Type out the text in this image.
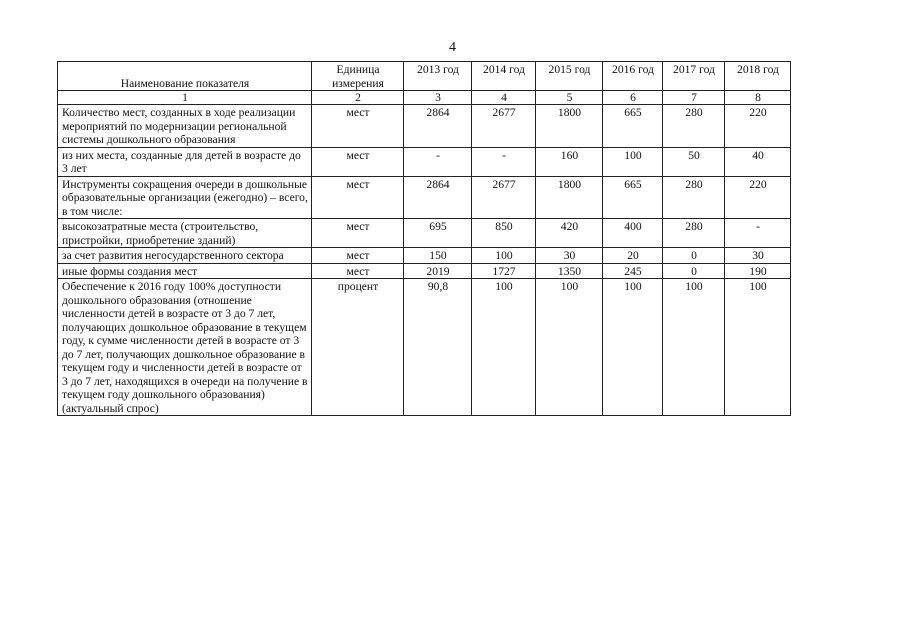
4
Наименование показателя	Единица измерения	2013 год	2014 год	2015 год	2016 год	2017 год	2018 год
1	2	3	4	5	6	7	8
Количество мест, созданных в ходе реализации мероприятий по модернизации региональной системы дошкольного образования	мест	2864	2677	1800	665	280	220
из них места, созданные для детей в возрасте до 3 лет	мест	-	-	160	100	50	40
Инструменты сокращения очереди в дошкольные образовательные организации (ежегодно) – всего, в том числе:	мест	2864	2677	1800	665	280	220
высокозатратные места (строительство, пристройки, приобретение зданий)	мест	695	850	420	400	280	-
за счет развития негосударственного сектора	мест	150	100	30	20	0	30
иные формы создания мест	мест	2019	1727	1350	245	0	190
Обеспечение к 2016 году 100% доступности дошкольного образования (отношение численности детей в возрасте от 3 до 7 лет, получающих дошкольное образование в текущем году, к сумме численности детей в возрасте от 3 до 7 лет, получающих дошкольное образование в текущем году и численности детей в возрасте от 3 до 7 лет, находящихся в очереди на получение в текущем году дошкольного образования) (актуальный спрос)	процент	90,8	100	100	100	100	100
